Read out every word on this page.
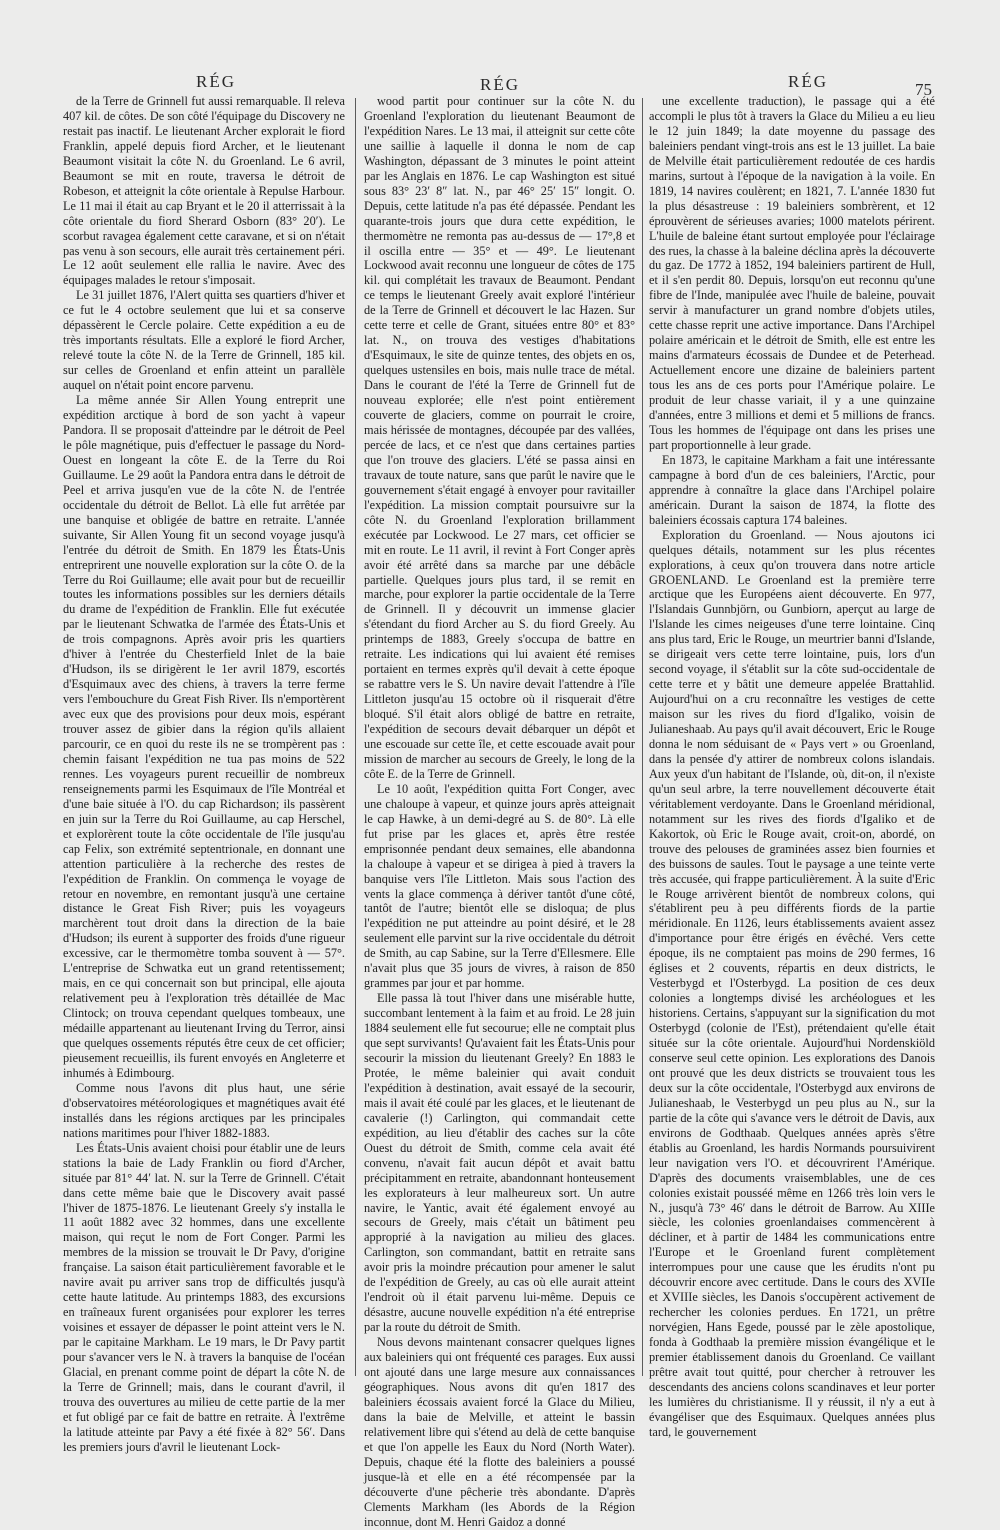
RÉG	RÉG	RÉG	75

de la Terre de Grinnell fut aussi remarquable. Il releva 407 kil. de côtes. De son côté l'équipage du Discovery ne restait pas inactif. Le lieutenant Archer explorait le fiord Franklin, appelé depuis fiord Archer, et le lieutenant Beaumont visitait la côte N. du Groenland. Le 6 avril, Beaumont se mit en route, traversa le détroit de Robeson, et atteignit la côte orientale à Repulse Harbour. Le 11 mai il était au cap Bryant et le 20 il atterrissait à la côte orientale du fiord Sherard Osborn (83° 20′). Le scorbut ravagea également cette caravane, et si on n'était pas venu à son secours, elle aurait très certainement péri. Le 12 août seulement elle rallia le navire. Avec des équipages malades le retour s'imposait.

Le 31 juillet 1876, l'Alert quitta ses quartiers d'hiver et ce fut le 4 octobre seulement que lui et sa conserve dépassèrent le Cercle polaire. Cette expédition a eu de très importants résultats. Elle a exploré le fiord Archer, relevé toute la côte N. de la Terre de Grinnell, 185 kil. sur celles de Groenland et enfin atteint un parallèle auquel on n'était point encore parvenu.

La même année Sir Allen Young entreprit une expédition arctique à bord de son yacht à vapeur Pandora. Il se proposait d'atteindre par le détroit de Peel le pôle magnétique, puis d'effectuer le passage du Nord-Ouest en longeant la côte E. de la Terre du Roi Guillaume. Le 29 août la Pandora entra dans le détroit de Peel et arriva jusqu'en vue de la côte N. de l'entrée occidentale du détroit de Bellot. Là elle fut arrêtée par une banquise et obligée de battre en retraite. L'année suivante, Sir Allen Young fit un second voyage jusqu'à l'entrée du détroit de Smith. En 1879 les États-Unis entreprirent une nouvelle exploration sur la côte O. de la Terre du Roi Guillaume; elle avait pour but de recueillir toutes les informations possibles sur les derniers détails du drame de l'expédition de Franklin. Elle fut exécutée par le lieutenant Schwatka de l'armée des États-Unis et de trois compagnons. Après avoir pris les quartiers d'hiver à l'entrée du Chesterfield Inlet de la baie d'Hudson, ils se dirigèrent le 1er avril 1879, escortés d'Esquimaux avec des chiens, à travers la terre ferme vers l'embouchure du Great Fish River. Ils n'emportèrent avec eux que des provisions pour deux mois, espérant trouver assez de gibier dans la région qu'ils allaient parcourir, ce en quoi du reste ils ne se trompèrent pas : chemin faisant l'expédition ne tua pas moins de 522 rennes. Les voyageurs purent recueillir de nombreux renseignements parmi les Esquimaux de l'île Montréal et d'une baie située à l'O. du cap Richardson; ils passèrent en juin sur la Terre du Roi Guillaume, au cap Herschel, et explorèrent toute la côte occidentale de l'île jusqu'au cap Felix, son extrémité septentrionale, en donnant une attention particulière à la recherche des restes de l'expédition de Franklin. On commença le voyage de retour en novembre, en remontant jusqu'à une certaine distance le Great Fish River; puis les voyageurs marchèrent tout droit dans la direction de la baie d'Hudson; ils eurent à supporter des froids d'une rigueur excessive, car le thermomètre tomba souvent à — 57°. L'entreprise de Schwatka eut un grand retentissement; mais, en ce qui concernait son but principal, elle ajouta relativement peu à l'exploration très détaillée de Mac Clintock; on trouva cependant quelques tombeaux, une médaille appartenant au lieutenant Irving du Terror, ainsi que quelques ossements réputés être ceux de cet officier; pieusement recueillis, ils furent envoyés en Angleterre et inhumés à Edimbourg.

Comme nous l'avons dit plus haut, une série d'observatoires météorologiques et magnétiques avait été installés dans les régions arctiques par les principales nations maritimes pour l'hiver 1882-1883.

Les États-Unis avaient choisi pour établir une de leurs stations la baie de Lady Franklin ou fiord d'Archer, située par 81° 44′ lat. N. sur la Terre de Grinnell. C'était dans cette même baie que le Discovery avait passé l'hiver de 1875-1876. Le lieutenant Greely s'y installa le 11 août 1882 avec 32 hommes, dans une excellente maison, qui reçut le nom de Fort Conger. Parmi les membres de la mission se trouvait le Dr Pavy, d'origine française. La saison était particulièrement favorable et le navire avait pu arriver sans trop de difficultés jusqu'à cette haute latitude. Au printemps 1883, des excursions en traîneaux furent organisées pour explorer les terres voisines et essayer de dépasser le point atteint vers le N. par le capitaine Markham. Le 19 mars, le Dr Pavy partit pour s'avancer vers le N. à travers la banquise de l'océan Glacial, en prenant comme point de départ la côte N. de la Terre de Grinnell; mais, dans le courant d'avril, il trouva des ouvertures au milieu de cette partie de la mer et fut obligé par ce fait de battre en retraite. À l'extrême la latitude atteinte par Pavy a été fixée à 82° 56′. Dans les premiers jours d'avril le lieutenant Lock-

wood partit pour continuer sur la côte N. du Groenland l'exploration du lieutenant Beaumont de l'expédition Nares. Le 13 mai, il atteignit sur cette côte une saillie à laquelle il donna le nom de cap Washington, dépassant de 3 minutes le point atteint par les Anglais en 1876. Le cap Washington est situé sous 83° 23′ 8″ lat. N., par 46° 25′ 15″ longit. O. Depuis, cette latitude n'a pas été dépassée. Pendant les quarante-trois jours que dura cette expédition, le thermomètre ne remonta pas au-dessus de — 17°,8 et il oscilla entre — 35° et — 49°. Le lieutenant Lockwood avait reconnu une longueur de côtes de 175 kil. qui complétait les travaux de Beaumont. Pendant ce temps le lieutenant Greely avait exploré l'intérieur de la Terre de Grinnell et découvert le lac Hazen. Sur cette terre et celle de Grant, situées entre 80° et 83° lat. N., on trouva des vestiges d'habitations d'Esquimaux, le site de quinze tentes, des objets en os, quelques ustensiles en bois, mais nulle trace de métal. Dans le courant de l'été la Terre de Grinnell fut de nouveau explorée; elle n'est point entièrement couverte de glaciers, comme on pourrait le croire, mais hérissée de montagnes, découpée par des vallées, percée de lacs, et ce n'est que dans certaines parties que l'on trouve des glaciers. L'été se passa ainsi en travaux de toute nature, sans que parût le navire que le gouvernement s'était engagé à envoyer pour ravitailler l'expédition. La mission comptait poursuivre sur la côte N. du Groenland l'exploration brillamment exécutée par Lockwood. Le 27 mars, cet officier se mit en route. Le 11 avril, il revint à Fort Conger après avoir été arrêté dans sa marche par une débâcle partielle. Quelques jours plus tard, il se remit en marche, pour explorer la partie occidentale de la Terre de Grinnell. Il y découvrit un immense glacier s'étendant du fiord Archer au S. du fiord Greely. Au printemps de 1883, Greely s'occupa de battre en retraite. Les indications qui lui avaient été remises portaient en termes exprès qu'il devait à cette époque se rabattre vers le S. Un navire devait l'attendre à l'île Littleton jusqu'au 15 octobre où il risquerait d'être bloqué. S'il était alors obligé de battre en retraite, l'expédition de secours devait débarquer un dépôt et une escouade sur cette île, et cette escouade avait pour mission de marcher au secours de Greely, le long de la côte E. de la Terre de Grinnell.

Le 10 août, l'expédition quitta Fort Conger, avec une chaloupe à vapeur, et quinze jours après atteignait le cap Hawke, à un demi-degré au S. de 80°. Là elle fut prise par les glaces et, après être restée emprisonnée pendant deux semaines, elle abandonna la chaloupe à vapeur et se dirigea à pied à travers la banquise vers l'île Littleton. Mais sous l'action des vents la glace commença à dériver tantôt d'une côté, tantôt de l'autre; bientôt elle se disloqua; de plus l'expédition ne put atteindre au point désiré, et le 28 seulement elle parvint sur la rive occidentale du détroit de Smith, au cap Sabine, sur la Terre d'Ellesmere. Elle n'avait plus que 35 jours de vivres, à raison de 850 grammes par jour et par homme.

Elle passa là tout l'hiver dans une misérable hutte, succombant lentement à la faim et au froid. Le 28 juin 1884 seulement elle fut secourue; elle ne comptait plus que sept survivants! Qu'avaient fait les États-Unis pour secourir la mission du lieutenant Greely? En 1883 le Protée, le même baleinier qui avait conduit l'expédition à destination, avait essayé de la secourir, mais il avait été coulé par les glaces, et le lieutenant de cavalerie (!) Carlington, qui commandait cette expédition, au lieu d'établir des caches sur la côte Ouest du détroit de Smith, comme cela avait été convenu, n'avait fait aucun dépôt et avait battu précipitamment en retraite, abandonnant honteusement les explorateurs à leur malheureux sort. Un autre navire, le Yantic, avait été également envoyé au secours de Greely, mais c'était un bâtiment peu approprié à la navigation au milieu des glaces. Carlington, son commandant, battit en retraite sans avoir pris la moindre précaution pour amener le salut de l'expédition de Greely, au cas où elle aurait atteint l'endroit où il était parvenu lui-même. Depuis ce désastre, aucune nouvelle expédition n'a été entreprise par la route du détroit de Smith.

Nous devons maintenant consacrer quelques lignes aux baleiniers qui ont fréquenté ces parages. Eux aussi ont ajouté dans une large mesure aux connaissances géographiques. Nous avons dit qu'en 1817 des baleiniers écossais avaient forcé la Glace du Milieu, dans la baie de Melville, et atteint le bassin relativement libre qui s'étend au delà de cette banquise et que l'on appelle les Eaux du Nord (North Water). Depuis, chaque été la flotte des baleiniers a poussé jusque-là et elle en a été récompensée par la découverte d'une pêcherie très abondante. D'après Clements Markham (les Abords de la Région inconnue, dont M. Henri Gaidoz a donné

une excellente traduction), le passage qui a été accompli le plus tôt à travers la Glace du Milieu a eu lieu le 12 juin 1849; la date moyenne du passage des baleiniers pendant vingt-trois ans est le 13 juillet. La baie de Melville était particulièrement redoutée de ces hardis marins, surtout à l'époque de la navigation à la voile. En 1819, 14 navires coulèrent; en 1821, 7. L'année 1830 fut la plus désastreuse : 19 baleiniers sombrèrent, et 12 éprouvèrent de sérieuses avaries; 1000 matelots périrent. L'huile de baleine étant surtout employée pour l'éclairage des rues, la chasse à la baleine déclina après la découverte du gaz. De 1772 à 1852, 194 baleiniers partirent de Hull, et il s'en perdit 80. Depuis, lorsqu'on eut reconnu qu'une fibre de l'Inde, manipulée avec l'huile de baleine, pouvait servir à manufacturer un grand nombre d'objets utiles, cette chasse reprit une active importance. Dans l'Archipel polaire américain et le détroit de Smith, elle est entre les mains d'armateurs écossais de Dundee et de Peterhead. Actuellement encore une dizaine de baleiniers partent tous les ans de ces ports pour l'Amérique polaire. Le produit de leur chasse variait, il y a une quinzaine d'années, entre 3 millions et demi et 5 millions de francs. Tous les hommes de l'équipage ont dans les prises une part proportionnelle à leur grade.

En 1873, le capitaine Markham a fait une intéressante campagne à bord d'un de ces baleiniers, l'Arctic, pour apprendre à connaître la glace dans l'Archipel polaire américain. Durant la saison de 1874, la flotte des baleiniers écossais captura 174 baleines.

Exploration du Groenland. — Nous ajoutons ici quelques détails, notamment sur les plus récentes explorations, à ceux qu'on trouvera dans notre article GROENLAND. Le Groenland est la première terre arctique que les Européens aient découverte. En 977, l'Islandais Gunnbjörn, ou Gunbiorn, aperçut au large de l'Islande les cimes neigeuses d'une terre lointaine. Cinq ans plus tard, Eric le Rouge, un meurtrier banni d'Islande, se dirigeait vers cette terre lointaine, puis, lors d'un second voyage, il s'établit sur la côte sud-occidentale de cette terre et y bâtit une demeure appelée Brattahlid. Aujourd'hui on a cru reconnaître les vestiges de cette maison sur les rives du fiord d'Igaliko, voisin de Julianeshaab. Au pays qu'il avait découvert, Eric le Rouge donna le nom séduisant de « Pays vert » ou Groenland, dans la pensée d'y attirer de nombreux colons islandais. Aux yeux d'un habitant de l'Islande, où, dit-on, il n'existe qu'un seul arbre, la terre nouvellement découverte était véritablement verdoyante. Dans le Groenland méridional, notamment sur les rives des fiords d'Igaliko et de Kakortok, où Eric le Rouge avait, croit-on, abordé, on trouve des pelouses de graminées assez bien fournies et des buissons de saules. Tout le paysage a une teinte verte très accusée, qui frappe particulièrement. À la suite d'Eric le Rouge arrivèrent bientôt de nombreux colons, qui s'établirent peu à peu différents fiords de la partie méridionale. En 1126, leurs établissements avaient assez d'importance pour être érigés en évêché. Vers cette époque, ils ne comptaient pas moins de 290 fermes, 16 églises et 2 couvents, répartis en deux districts, le Vesterbygd et l'Osterbygd. La position de ces deux colonies a longtemps divisé les archéologues et les historiens. Certains, s'appuyant sur la signification du mot Osterbygd (colonie de l'Est), prétendaient qu'elle était située sur la côte orientale. Aujourd'hui Nordenskiöld conserve seul cette opinion. Les explorations des Danois ont prouvé que les deux districts se trouvaient tous les deux sur la côte occidentale, l'Osterbygd aux environs de Julianeshaab, le Vesterbygd un peu plus au N., sur la partie de la côte qui s'avance vers le détroit de Davis, aux environs de Godthaab. Quelques années après s'être établis au Groenland, les hardis Normands poursuivirent leur navigation vers l'O. et découvrirent l'Amérique. D'après des documents vraisemblables, une de ces colonies existait pousséé même en 1266 très loin vers le N., jusqu'à 73° 46′ dans le détroit de Barrow. Au XIIIe siècle, les colonies groenlandaises commencèrent à décliner, et à partir de 1484 les communications entre l'Europe et le Groenland furent complètement interrompues pour une cause que les érudits n'ont pu découvrir encore avec certitude. Dans le cours des XVIIe et XVIIIe siècles, les Danois s'occupèrent activement de rechercher les colonies perdues. En 1721, un prêtre norvégien, Hans Egede, poussé par le zèle apostolique, fonda à Godthaab la première mission évangélique et le premier établissement danois du Groenland. Ce vaillant prêtre avait tout quitté, pour chercher à retrouver les descendants des anciens colons scandinaves et leur porter les lumières du christianisme. Il y réussit, il n'y a eut à évangéliser que des Esquimaux. Quelques années plus tard, le gouvernement
